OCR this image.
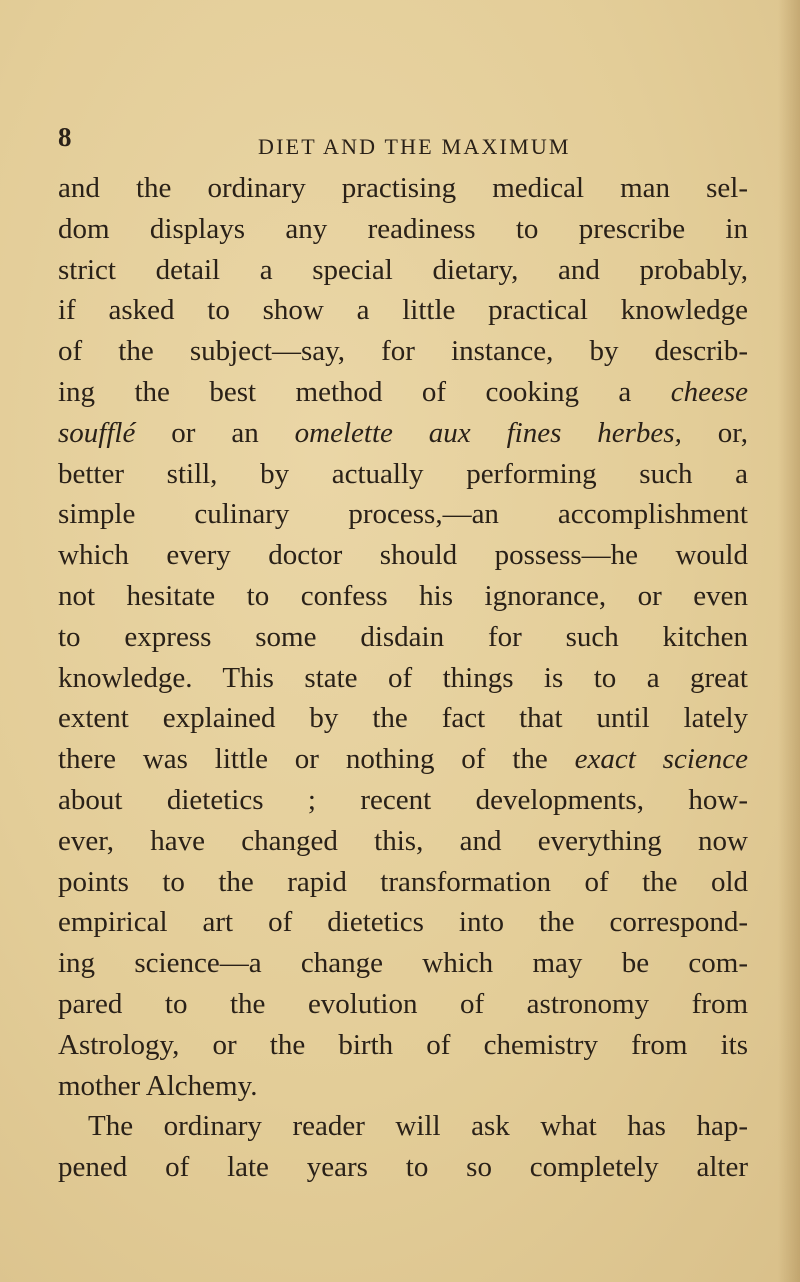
8	DIET AND THE MAXIMUM
and the ordinary practising medical man sel-
dom displays any readiness to prescribe in
strict detail a special dietary, and probably,
if asked to show a little practical knowledge
of the subject—say, for instance, by describ-
ing the best method of cooking a cheese
soufflé or an omelette aux fines herbes, or,
better still, by actually performing such a
simple culinary process,—an accomplishment
which every doctor should possess—he would
not hesitate to confess his ignorance, or even
to express some disdain for such kitchen
knowledge. This state of things is to a great
extent explained by the fact that until lately
there was little or nothing of the exact science
about dietetics ; recent developments, how-
ever, have changed this, and everything now
points to the rapid transformation of the old
empirical art of dietetics into the correspond-
ing science—a change which may be com-
pared to the evolution of astronomy from
Astrology, or the birth of chemistry from its
mother Alchemy.
The ordinary reader will ask what has hap-
pened of late years to so completely alter
